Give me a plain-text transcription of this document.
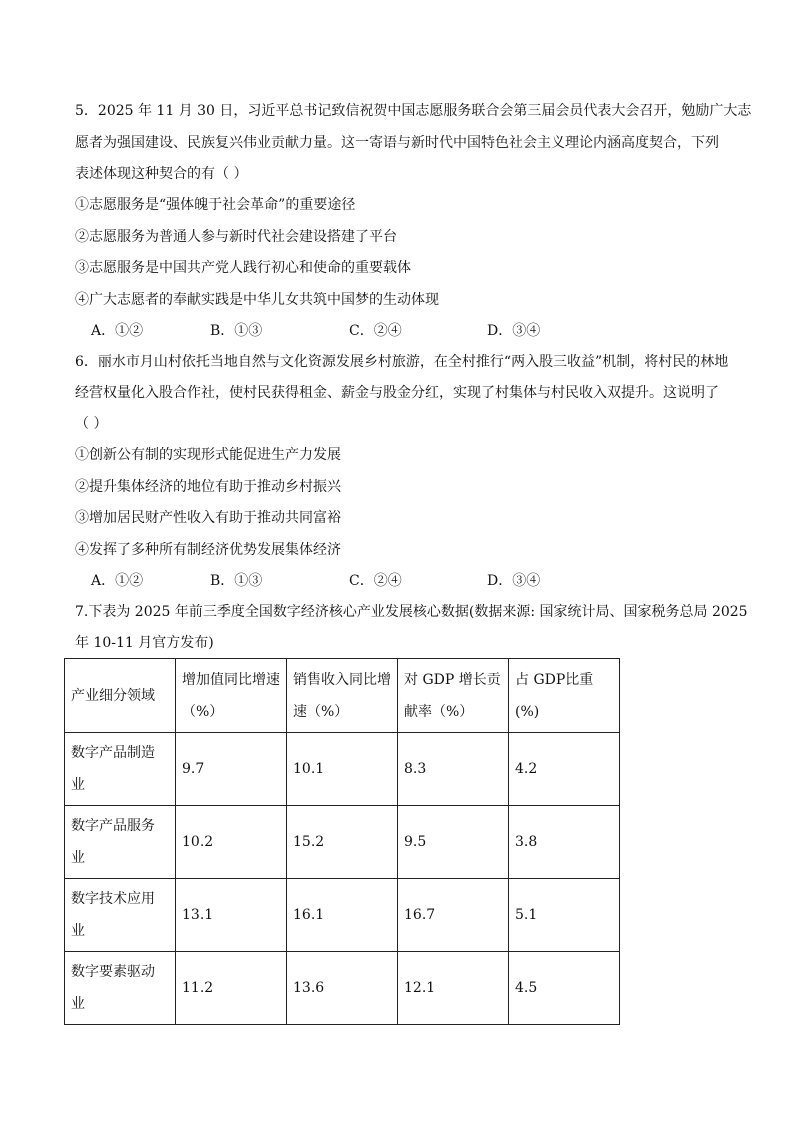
5．2025 年 11 月 30 日，习近平总书记致信祝贺中国志愿服务联合会第三届会员代表大会召开，勉励广大志
愿者为强国建设、民族复兴伟业贡献力量。这一寄语与新时代中国特色社会主义理论内涵高度契合，下列
表述体现这种契合的有（ ）
①志愿服务是“强体魄于社会革命”的重要途径
②志愿服务为普通人参与新时代社会建设搭建了平台
③志愿服务是中国共产党人践行初心和使命的重要载体
④广大志愿者的奉献实践是中华儿女共筑中国梦的生动体现
A．①②	B．①③	C．②④	D．③④
6．丽水市月山村依托当地自然与文化资源发展乡村旅游，在全村推行“两入股三收益”机制，将村民的林地
经营权量化入股合作社，使村民获得租金、薪金与股金分红，实现了村集体与村民收入双提升。这说明了
（ ）
①创新公有制的实现形式能促进生产力发展
②提升集体经济的地位有助于推动乡村振兴
③增加居民财产性收入有助于推动共同富裕
④发挥了多种所有制经济优势发展集体经济
A．①②	B．①③	C．②④	D．③④
7.下表为 2025 年前三季度全国数字经济核心产业发展核心数据(数据来源: 国家统计局、国家税务总局 2025
年 10-11 月官方发布)
产业细分领域	增加值同比增速（%）	销售收入同比增速（%）	对 GDP 增长贡献率（%）	占 GDP比重(%)

数字产品制造业	9.7	10.1	8.3	4.2

数字产品服务业	10.2	15.2	9.5	3.8

数字技术应用业	13.1	16.1	16.7	5.1

数字要素驱动业	11.2	13.6	12.1	4.5
